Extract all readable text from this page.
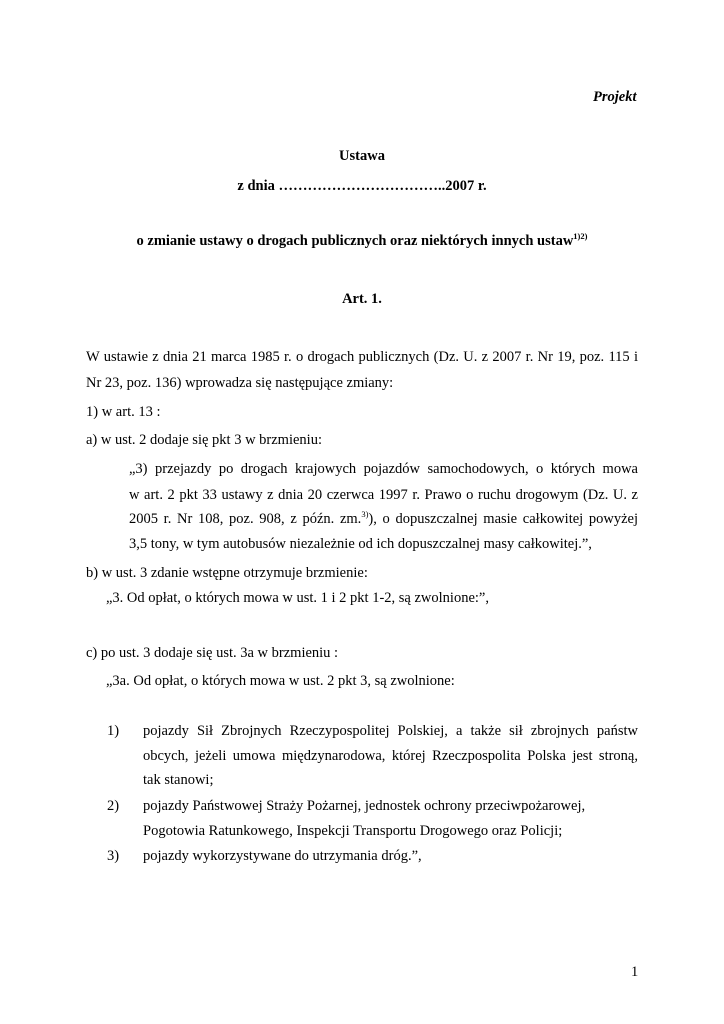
Projekt
Ustawa
z dnia ……………………………..2007 r.
o zmianie ustawy o drogach publicznych oraz niektórych innych ustaw$^{1)2)}$
Art. 1.
W ustawie z dnia 21 marca 1985 r. o drogach publicznych (Dz. U. z 2007 r. Nr 19, poz. 115 i
Nr 23, poz. 136) wprowadza się następujące zmiany:
1) w art. 13 :
a) w ust. 2 dodaje się pkt 3 w brzmieniu:
„3) przejazdy po drogach krajowych pojazdów samochodowych, o których mowa
w art. 2 pkt 33 ustawy z dnia 20 czerwca 1997 r. Prawo o ruchu drogowym (Dz. U. z
2005 r. Nr 108, poz. 908, z późn. zm.$^{3)}$), o dopuszczalnej masie całkowitej powyżej
3,5 tony, w tym autobusów niezależnie od ich dopuszczalnej masy całkowitej.”,
b) w ust. 3 zdanie wstępne otrzymuje brzmienie:
„3. Od opłat, o których mowa w ust. 1 i 2 pkt 1-2, są zwolnione:”,
c) po ust. 3 dodaje się ust. 3a w brzmieniu :
„3a. Od opłat, o których mowa w ust. 2 pkt 3, są zwolnione:
1) pojazdy Sił Zbrojnych Rzeczypospolitej Polskiej, a także sił zbrojnych państw
obcych, jeżeli umowa międzynarodowa, której Rzeczpospolita Polska jest stroną,
tak stanowi;
2) pojazdy Państwowej Straży Pożarnej, jednostek ochrony przeciwpożarowej,
Pogotowia Ratunkowego, Inspekcji Transportu Drogowego oraz Policji;
3) pojazdy wykorzystywane do utrzymania dróg.”,
1
